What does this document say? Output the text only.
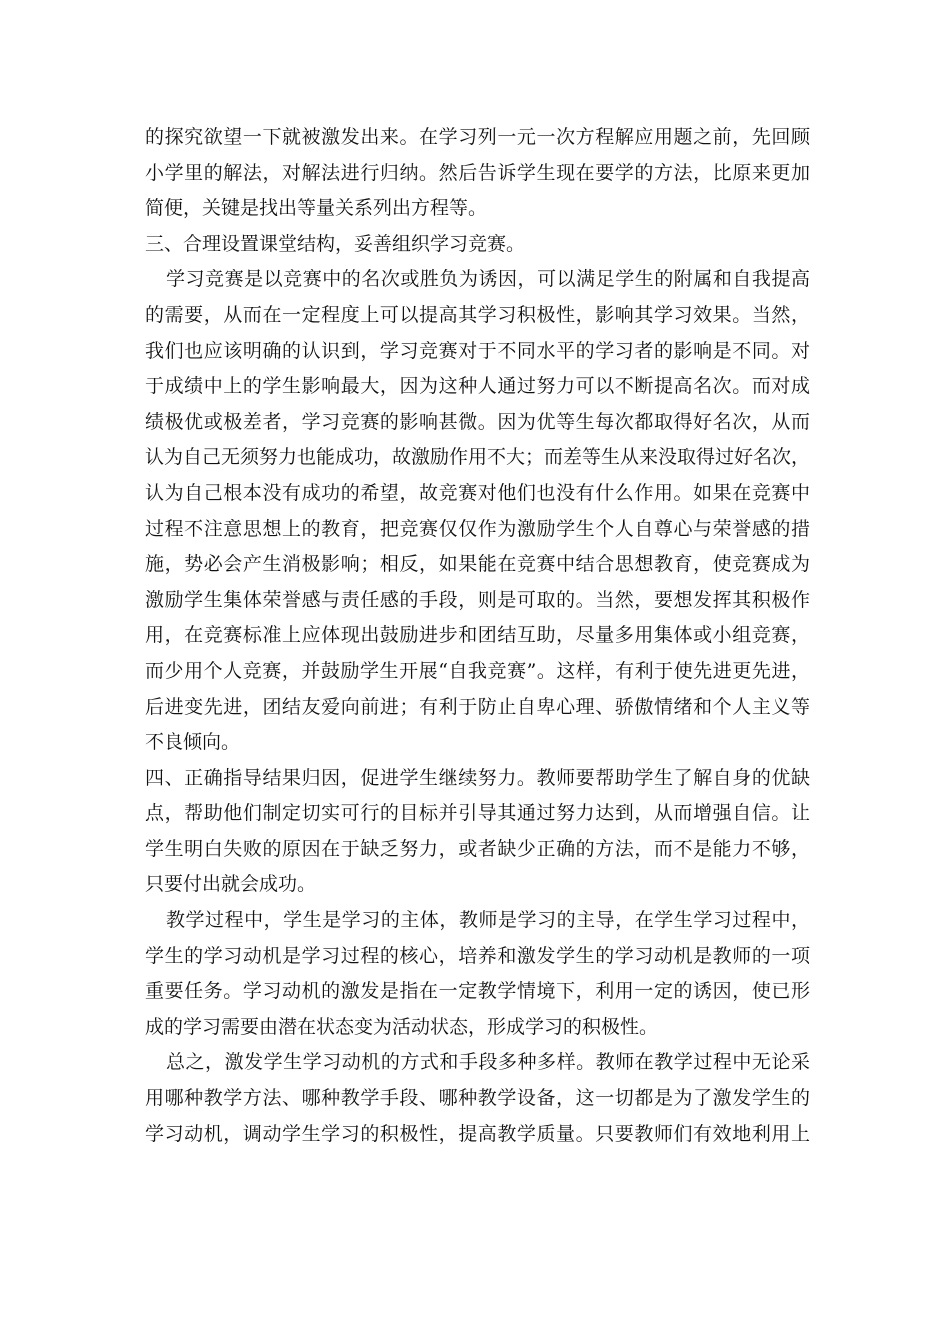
的探究欲望一下就被激发出来。在学习列一元一次方程解应用题之前，先回顾
小学里的解法，对解法进行归纳。然后告诉学生现在要学的方法，比原来更加
简便，关键是找出等量关系列出方程等。
三、合理设置课堂结构，妥善组织学习竞赛。
学习竞赛是以竞赛中的名次或胜负为诱因，可以满足学生的附属和自我提高
的需要，从而在一定程度上可以提高其学习积极性，影响其学习效果。当然，
我们也应该明确的认识到，学习竞赛对于不同水平的学习者的影响是不同。对
于成绩中上的学生影响最大，因为这种人通过努力可以不断提高名次。而对成
绩极优或极差者，学习竞赛的影响甚微。因为优等生每次都取得好名次，从而
认为自己无须努力也能成功，故激励作用不大；而差等生从来没取得过好名次，
认为自己根本没有成功的希望，故竞赛对他们也没有什么作用。如果在竞赛中
过程不注意思想上的教育，把竞赛仅仅作为激励学生个人自尊心与荣誉感的措
施，势必会产生消极影响；相反，如果能在竞赛中结合思想教育，使竞赛成为
激励学生集体荣誉感与责任感的手段，则是可取的。当然，要想发挥其积极作
用，在竞赛标准上应体现出鼓励进步和团结互助，尽量多用集体或小组竞赛，
而少用个人竞赛，并鼓励学生开展“自我竞赛”。这样，有利于使先进更先进，
后进变先进，团结友爱向前进；有利于防止自卑心理、骄傲情绪和个人主义等
不良倾向。
四、正确指导结果归因，促进学生继续努力。教师要帮助学生了解自身的优缺
点，帮助他们制定切实可行的目标并引导其通过努力达到，从而增强自信。让
学生明白失败的原因在于缺乏努力，或者缺少正确的方法，而不是能力不够，
只要付出就会成功。
教学过程中，学生是学习的主体，教师是学习的主导，在学生学习过程中，
学生的学习动机是学习过程的核心，培养和激发学生的学习动机是教师的一项
重要任务。学习动机的激发是指在一定教学情境下，利用一定的诱因，使已形
成的学习需要由潜在状态变为活动状态，形成学习的积极性。
总之，激发学生学习动机的方式和手段多种多样。教师在教学过程中无论采
用哪种教学方法、哪种教学手段、哪种教学设备，这一切都是为了激发学生的
学习动机，调动学生学习的积极性，提高教学质量。只要教师们有效地利用上
